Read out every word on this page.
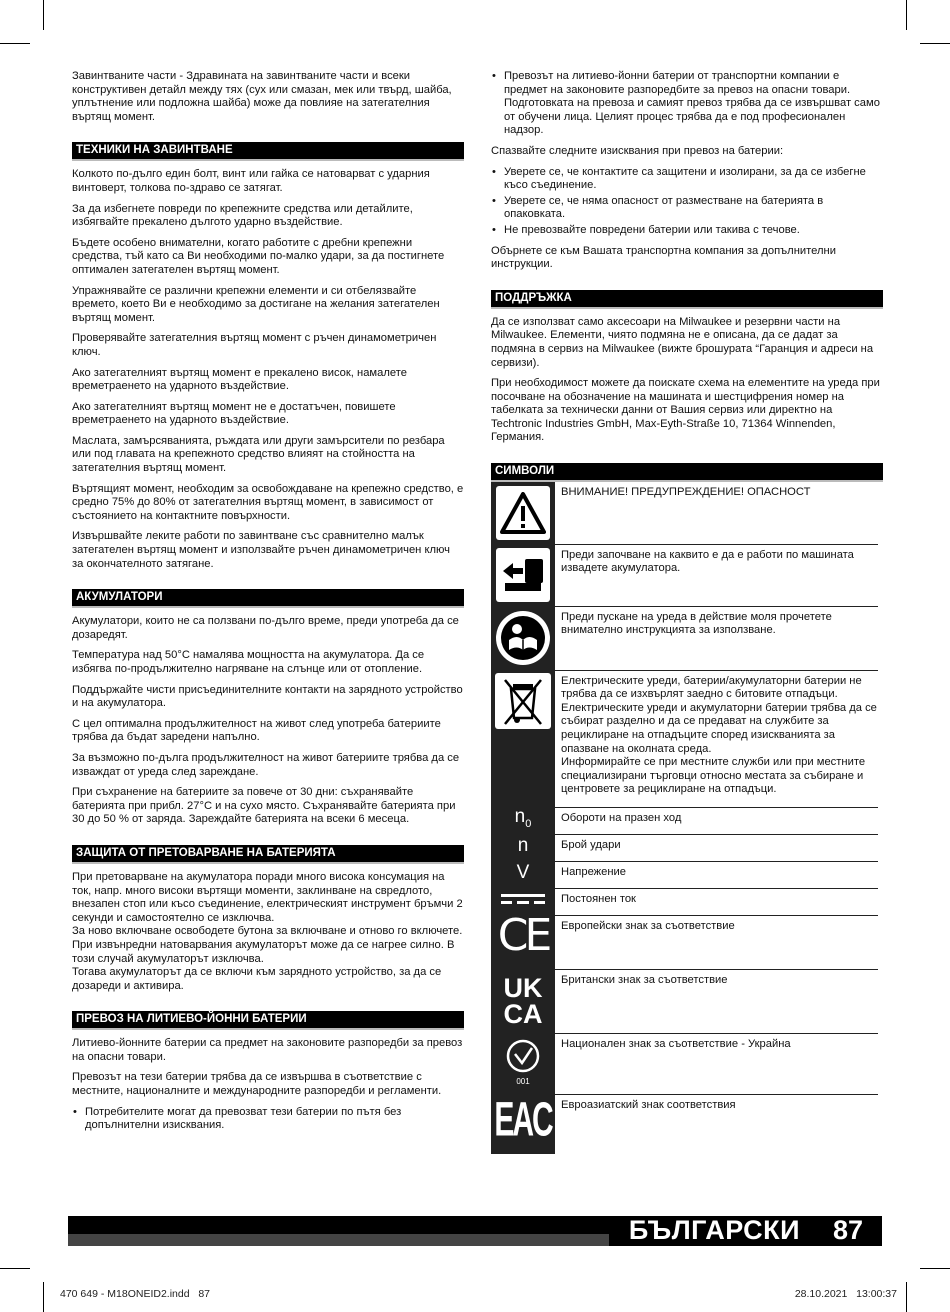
Завинтваните части - Здравината на завинтваните части и всеки конструктивен детайл между тях (сух или смазан, мек или твърд, шайба, уплътнение или подложна шайба) може да повлияе на затегателния въртящ момент.

ТЕХНИКИ НА ЗАВИНТВАНЕ

Колкото по-дълго един болт, винт или гайка се натоварват с ударния винтоверт, толкова по-здраво се затягат.

За да избегнете повреди по крепежните средства или детайлите, избягвайте прекалено дългото ударно въздействие.

Бъдете особено внимателни, когато работите с дребни крепежни средства, тъй като са Ви необходими по-малко удари, за да постигнете оптимален затегателен въртящ момент.

Упражнявайте се различни крепежни елементи и си отбелязвайте времето, което Ви е необходимо за достигане на желания затегателен въртящ момент.

Проверявайте затегателния въртящ момент с ръчен динамометричен ключ.

Ако затегателният въртящ момент е прекалено висок, намалете времетраенето на ударното въздействие.

Ако затегателният въртящ момент не е достатъчен, повишете времетраенето на ударното въздействие.

Маслата, замърсяванията, ръждата или други замърсители по резбара или под главата на крепежното средство влияят на стойността на затегателния въртящ момент.

Въртящият момент, необходим за освобождаване на крепежно средство, е средно 75% до 80% от затегателния въртящ момент, в зависимост от състоянието на контактните повърхности.

Извършвайте леките работи по завинтване със сравнително малък затегателен въртящ момент и използвайте ръчен динамометричен ключ за окончателното затягане.

АКУМУЛАТОРИ

Акумулатори, които не са ползвани по-дълго време, преди употреба да се дозаредят.

Температура над 50°C намалява мощността на акумулатора. Да се избягва по-продължително нагряване на слънце или от отопление.

Поддържайте чисти присъединителните контакти на зарядното устройство и на акумулатора.

С цел оптимална продължителност на живот след употреба батериите трябва да бъдат заредени напълно.

За възможно по-дълга продължителност на живот батериите трябва да се изваждат от уреда след зареждане.

При съхранение на батериите за повече от 30 дни: съхранявайте батерията при прибл. 27°C и на сухо място. Съхранявайте батерията при 30 до 50 % от заряда. Зареждайте батерията на всеки 6 месеца.

ЗАЩИТА ОТ ПРЕТОВАРВАНЕ НА БАТЕРИЯТА
При претоварване на акумулатора поради много висока консумация на ток, напр. много високи въртящи моменти, заклинване на свредлото, внезапен стоп или късо съединение, електрическият инструмент бръмчи 2 секунди и самостоятелно се изключва.
За ново включване освободете бутона за включване и отново го включете.
При извънредни натоварвания акумулаторът може да се нагрее силно. В този случай акумулаторът изключва.
Тогава акумулаторът да се включи към зарядното устройство, за да се дозареди и активира.
ПРЕВОЗ НА ЛИТИЕВО-ЙОННИ БАТЕРИИ

Литиево-йонните батерии са предмет на законовите разпоредби за превоз на опасни товари.

Превозът на тези батерии трябва да се извършва в съответствие с местните, националните и международните разпоредби и регламенти.

• Потребителите могат да превозват тези батерии по пътя без допълнителни изисквания.
• Превозът на литиево-йонни батерии от транспортни компании е предмет на законовите разпоредбите за превоз на опасни товари. Подготовката на превоза и самият превоз трябва да се извършват само от обучени лица. Целият процес трябва да е под професионален надзор.

Спазвайте следните изисквания при превоз на батерии:

• Уверете се, че контактите са защитени и изолирани, за да се избегне късо съединение.
• Уверете се, че няма опасност от разместване на батерията в опаковката.
• Не превозвайте повредени батерии или такива с течове.

Обърнете се към Вашата транспортна компания за допълнителни инструкции.

ПОДДРЪЖКА

Да се използват само аксесоари на Milwaukee и резервни части на Milwaukee. Елементи, чиято подмяна не е описана, да се дадат за подмяна в сервиз на Milwaukee (вижте брошурата “Гаранция и адреси на сервизи).

При необходимост можете да поискате схема на елементите на уреда при посочване на обозначение на машината и шестцифрения номер на табелката за технически данни от Вашия сервиз или директно на Techtronic Industries GmbH, Max-Eyth-Straße 10, 71364 Winnenden, Германия.

СИМВОЛИ
	ВНИМАНИЕ! ПРЕДУПРЕЖДЕНИЕ! ОПАСНОСТ

	Преди започване на каквито е да е работи по машината извадете акумулатора.

	Преди пускане на уреда в действие моля прочетете внимателно инструкцията за използване.

	Електрическите уреди, батерии/акумулаторни батерии не трябва да се изхвърлят заедно с битовите отпадъци. Електрическите уреди и акумулаторни батерии трябва да се събират разделно и да се предават на службите за рециклиране на отпадъците според изискванията за опазване на околната среда.
Информирайте се при местните служби или при местните специализирани търговци относно местата за събиране и центровете за рециклиране на отпадъци.
$n_0$	Обороти на празен ход
n	Брой удари
V	Напрежение
	Постоянен ток
CE	Европейски знак за съответствие

UK
CA	Британски знак за съответствие

001	Национален знак за съответствие - Украйна
EAC	Евроазиатский знак соответствия
БЪЛГАРСКИ 87
470 649 - M18ONEID2.indd   87	28.10.2021   13:00:37
